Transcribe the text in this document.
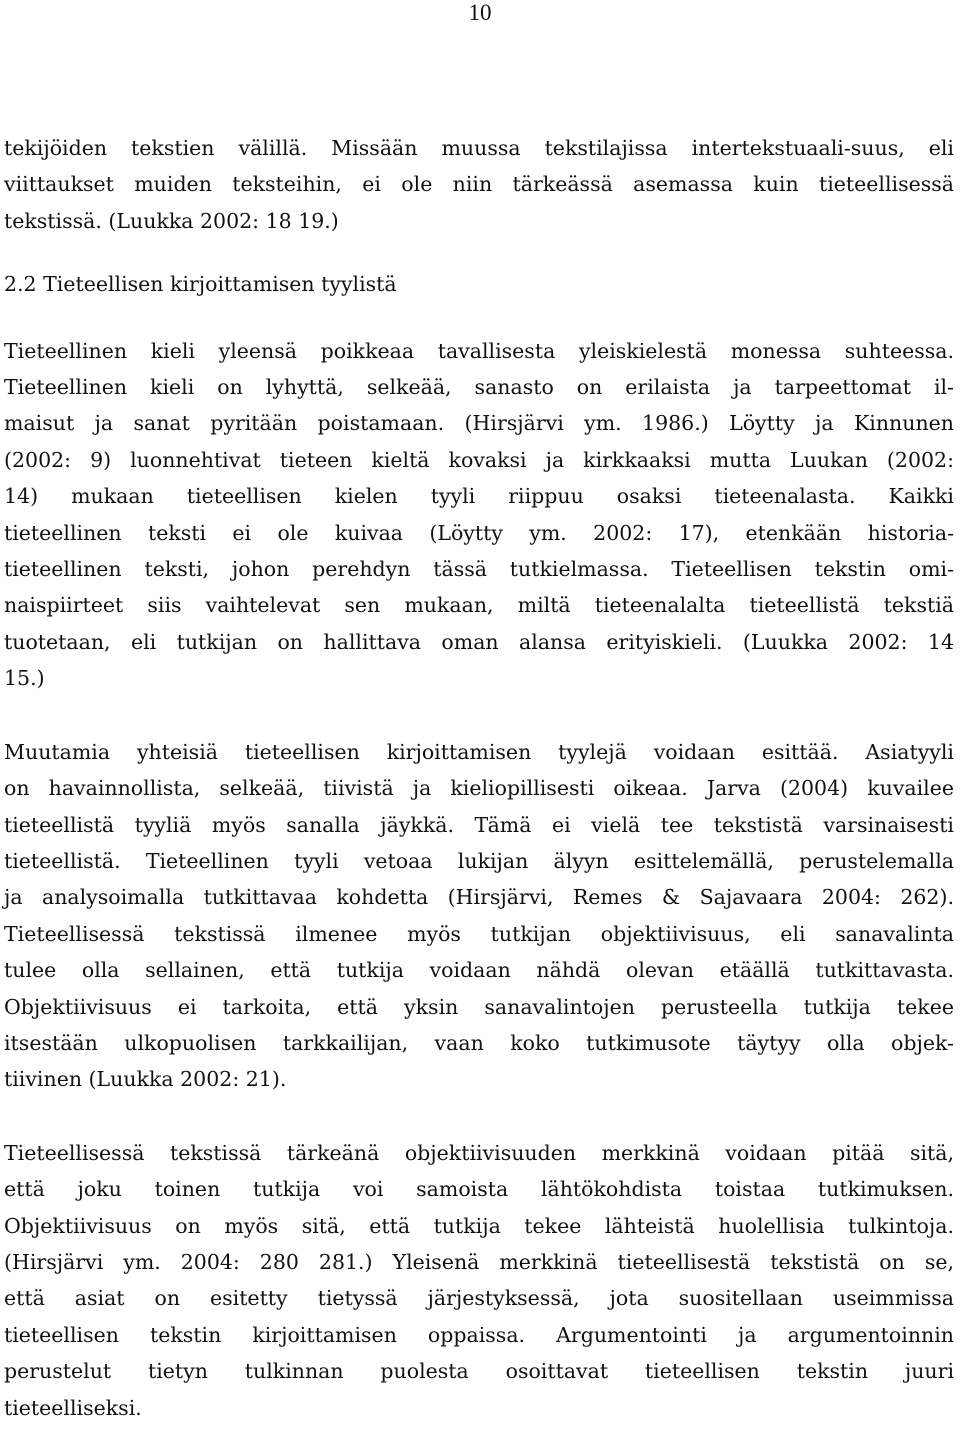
10

tekijöiden tekstien välillä. Missään muussa tekstilajissa intertekstuaali-suus, eli
viittaukset muiden teksteihin, ei ole niin tärkeässä asemassa kuin tieteellisessä
tekstissä. (Luukka 2002: 18 19.)

2.2 Tieteellisen kirjoittamisen tyylistä

Tieteellinen kieli yleensä poikkeaa tavallisesta yleiskielestä monessa suhteessa.
Tieteellinen kieli on lyhyttä, selkeää, sanasto on erilaista ja tarpeettomat il-
maisut ja sanat pyritään poistamaan. (Hirsjärvi ym. 1986.) Löytty ja Kinnunen
(2002: 9) luonnehtivat tieteen kieltä kovaksi ja kirkkaaksi mutta Luukan (2002:
14) mukaan tieteellisen kielen tyyli riippuu osaksi tieteenalasta. Kaikki
tieteellinen teksti ei ole kuivaa (Löytty ym. 2002: 17), etenkään historia-
tieteellinen teksti, johon perehdyn tässä tutkielmassa. Tieteellisen tekstin omi-
naispiirteet siis vaihtelevat sen mukaan, miltä tieteenalalta tieteellistä tekstiä
tuotetaan, eli tutkijan on hallittava oman alansa erityiskieli. (Luukka 2002: 14
15.)

Muutamia yhteisiä tieteellisen kirjoittamisen tyylejä voidaan esittää. Asiatyyli
on havainnollista, selkeää, tiivistä ja kieliopillisesti oikeaa. Jarva (2004) kuvailee
tieteellistä tyyliä myös sanalla jäykkä. Tämä ei vielä tee tekstistä varsinaisesti
tieteellistä. Tieteellinen tyyli vetoaa lukijan älyyn esittelemällä, perustelemalla
ja analysoimalla tutkittavaa kohdetta (Hirsjärvi, Remes & Sajavaara 2004: 262).
Tieteellisessä tekstissä ilmenee myös tutkijan objektiivisuus, eli sanavalinta
tulee olla sellainen, että tutkija voidaan nähdä olevan etäällä tutkittavasta.
Objektiivisuus ei tarkoita, että yksin sanavalintojen perusteella tutkija tekee
itsestään ulkopuolisen tarkkailijan, vaan koko tutkimusote täytyy olla objek-
tiivinen (Luukka 2002: 21).

Tieteellisessä tekstissä tärkeänä objektiivisuuden merkkinä voidaan pitää sitä,
että joku toinen tutkija voi samoista lähtökohdista toistaa tutkimuksen.
Objektiivisuus on myös sitä, että tutkija tekee lähteistä huolellisia tulkintoja.
(Hirsjärvi ym. 2004: 280 281.) Yleisenä merkkinä tieteellisestä tekstistä on se,
että asiat on esitetty tietyssä järjestyksessä, jota suositellaan useimmissa
tieteellisen tekstin kirjoittamisen oppaissa. Argumentointi ja argumentoinnin
perustelut tietyn tulkinnan puolesta osoittavat tieteellisen tekstin juuri
tieteelliseksi.
